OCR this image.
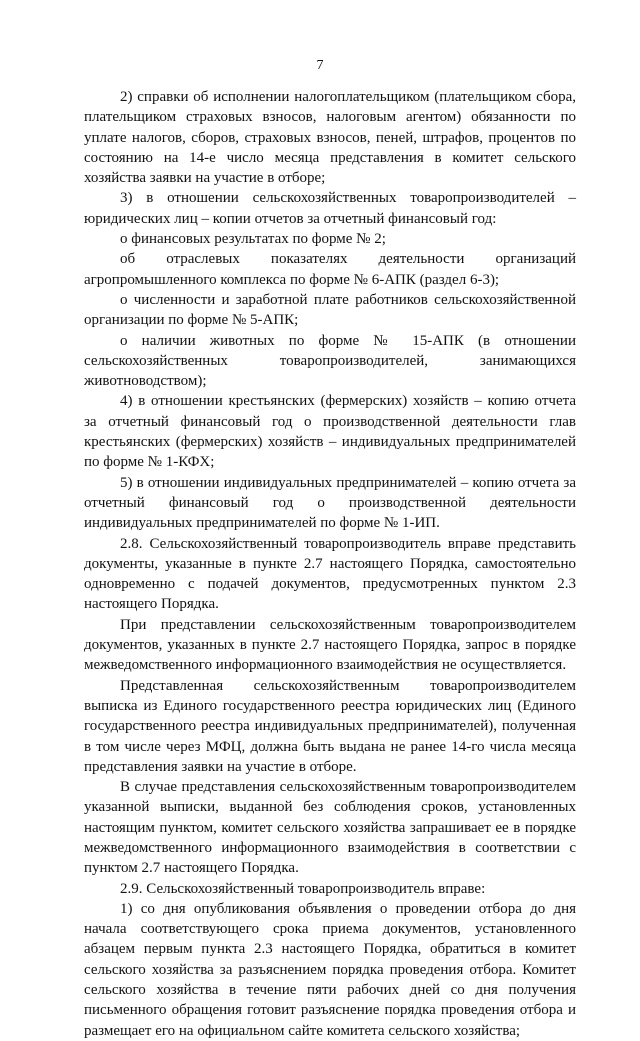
7

2) справки об исполнении налогоплательщиком (плательщиком сбора, плательщиком страховых взносов, налоговым агентом) обязанности по уплате налогов, сборов, страховых взносов, пеней, штрафов, процентов по состоянию на 14-е число месяца представления в комитет сельского хозяйства заявки на участие в отборе;

3) в отношении сельскохозяйственных товаропроизводителей – юридических лиц – копии отчетов за отчетный финансовый год:

о финансовых результатах по форме № 2;

об отраслевых показателях деятельности организаций агропромышленного комплекса по форме № 6-АПК (раздел 6-3);

о численности и заработной плате работников сельскохозяйственной организации по форме № 5-АПК;

о наличии животных по форме № 15-АПК (в отношении сельскохозяйственных товаропроизводителей, занимающихся животноводством);

4) в отношении крестьянских (фермерских) хозяйств – копию отчета за отчетный финансовый год о производственной деятельности глав крестьянских (фермерских) хозяйств – индивидуальных предпринимателей по форме № 1-КФХ;

5) в отношении индивидуальных предпринимателей – копию отчета за отчетный финансовый год о производственной деятельности индивидуальных предпринимателей по форме № 1-ИП.

2.8. Сельскохозяйственный товаропроизводитель вправе представить документы, указанные в пункте 2.7 настоящего Порядка, самостоятельно одновременно с подачей документов, предусмотренных пунктом 2.3 настоящего Порядка.

При представлении сельскохозяйственным товаропроизводителем документов, указанных в пункте 2.7 настоящего Порядка, запрос в порядке межведомственного информационного взаимодействия не осуществляется.

Представленная сельскохозяйственным товаропроизводителем выписка из Единого государственного реестра юридических лиц (Единого государственного реестра индивидуальных предпринимателей), полученная в том числе через МФЦ, должна быть выдана не ранее 14-го числа месяца представления заявки на участие в отборе.

В случае представления сельскохозяйственным товаропроизводителем указанной выписки, выданной без соблюдения сроков, установленных настоящим пунктом, комитет сельского хозяйства запрашивает ее в порядке межведомственного информационного взаимодействия в соответствии с пунктом 2.7 настоящего Порядка.

2.9. Сельскохозяйственный товаропроизводитель вправе:

1) со дня опубликования объявления о проведении отбора до дня начала соответствующего срока приема документов, установленного абзацем первым пункта 2.3 настоящего Порядка, обратиться в комитет сельского хозяйства за разъяснением порядка проведения отбора. Комитет сельского хозяйства в течение пяти рабочих дней со дня получения письменного обращения готовит разъяснение порядка проведения отбора и размещает его на официальном сайте комитета сельского хозяйства;
